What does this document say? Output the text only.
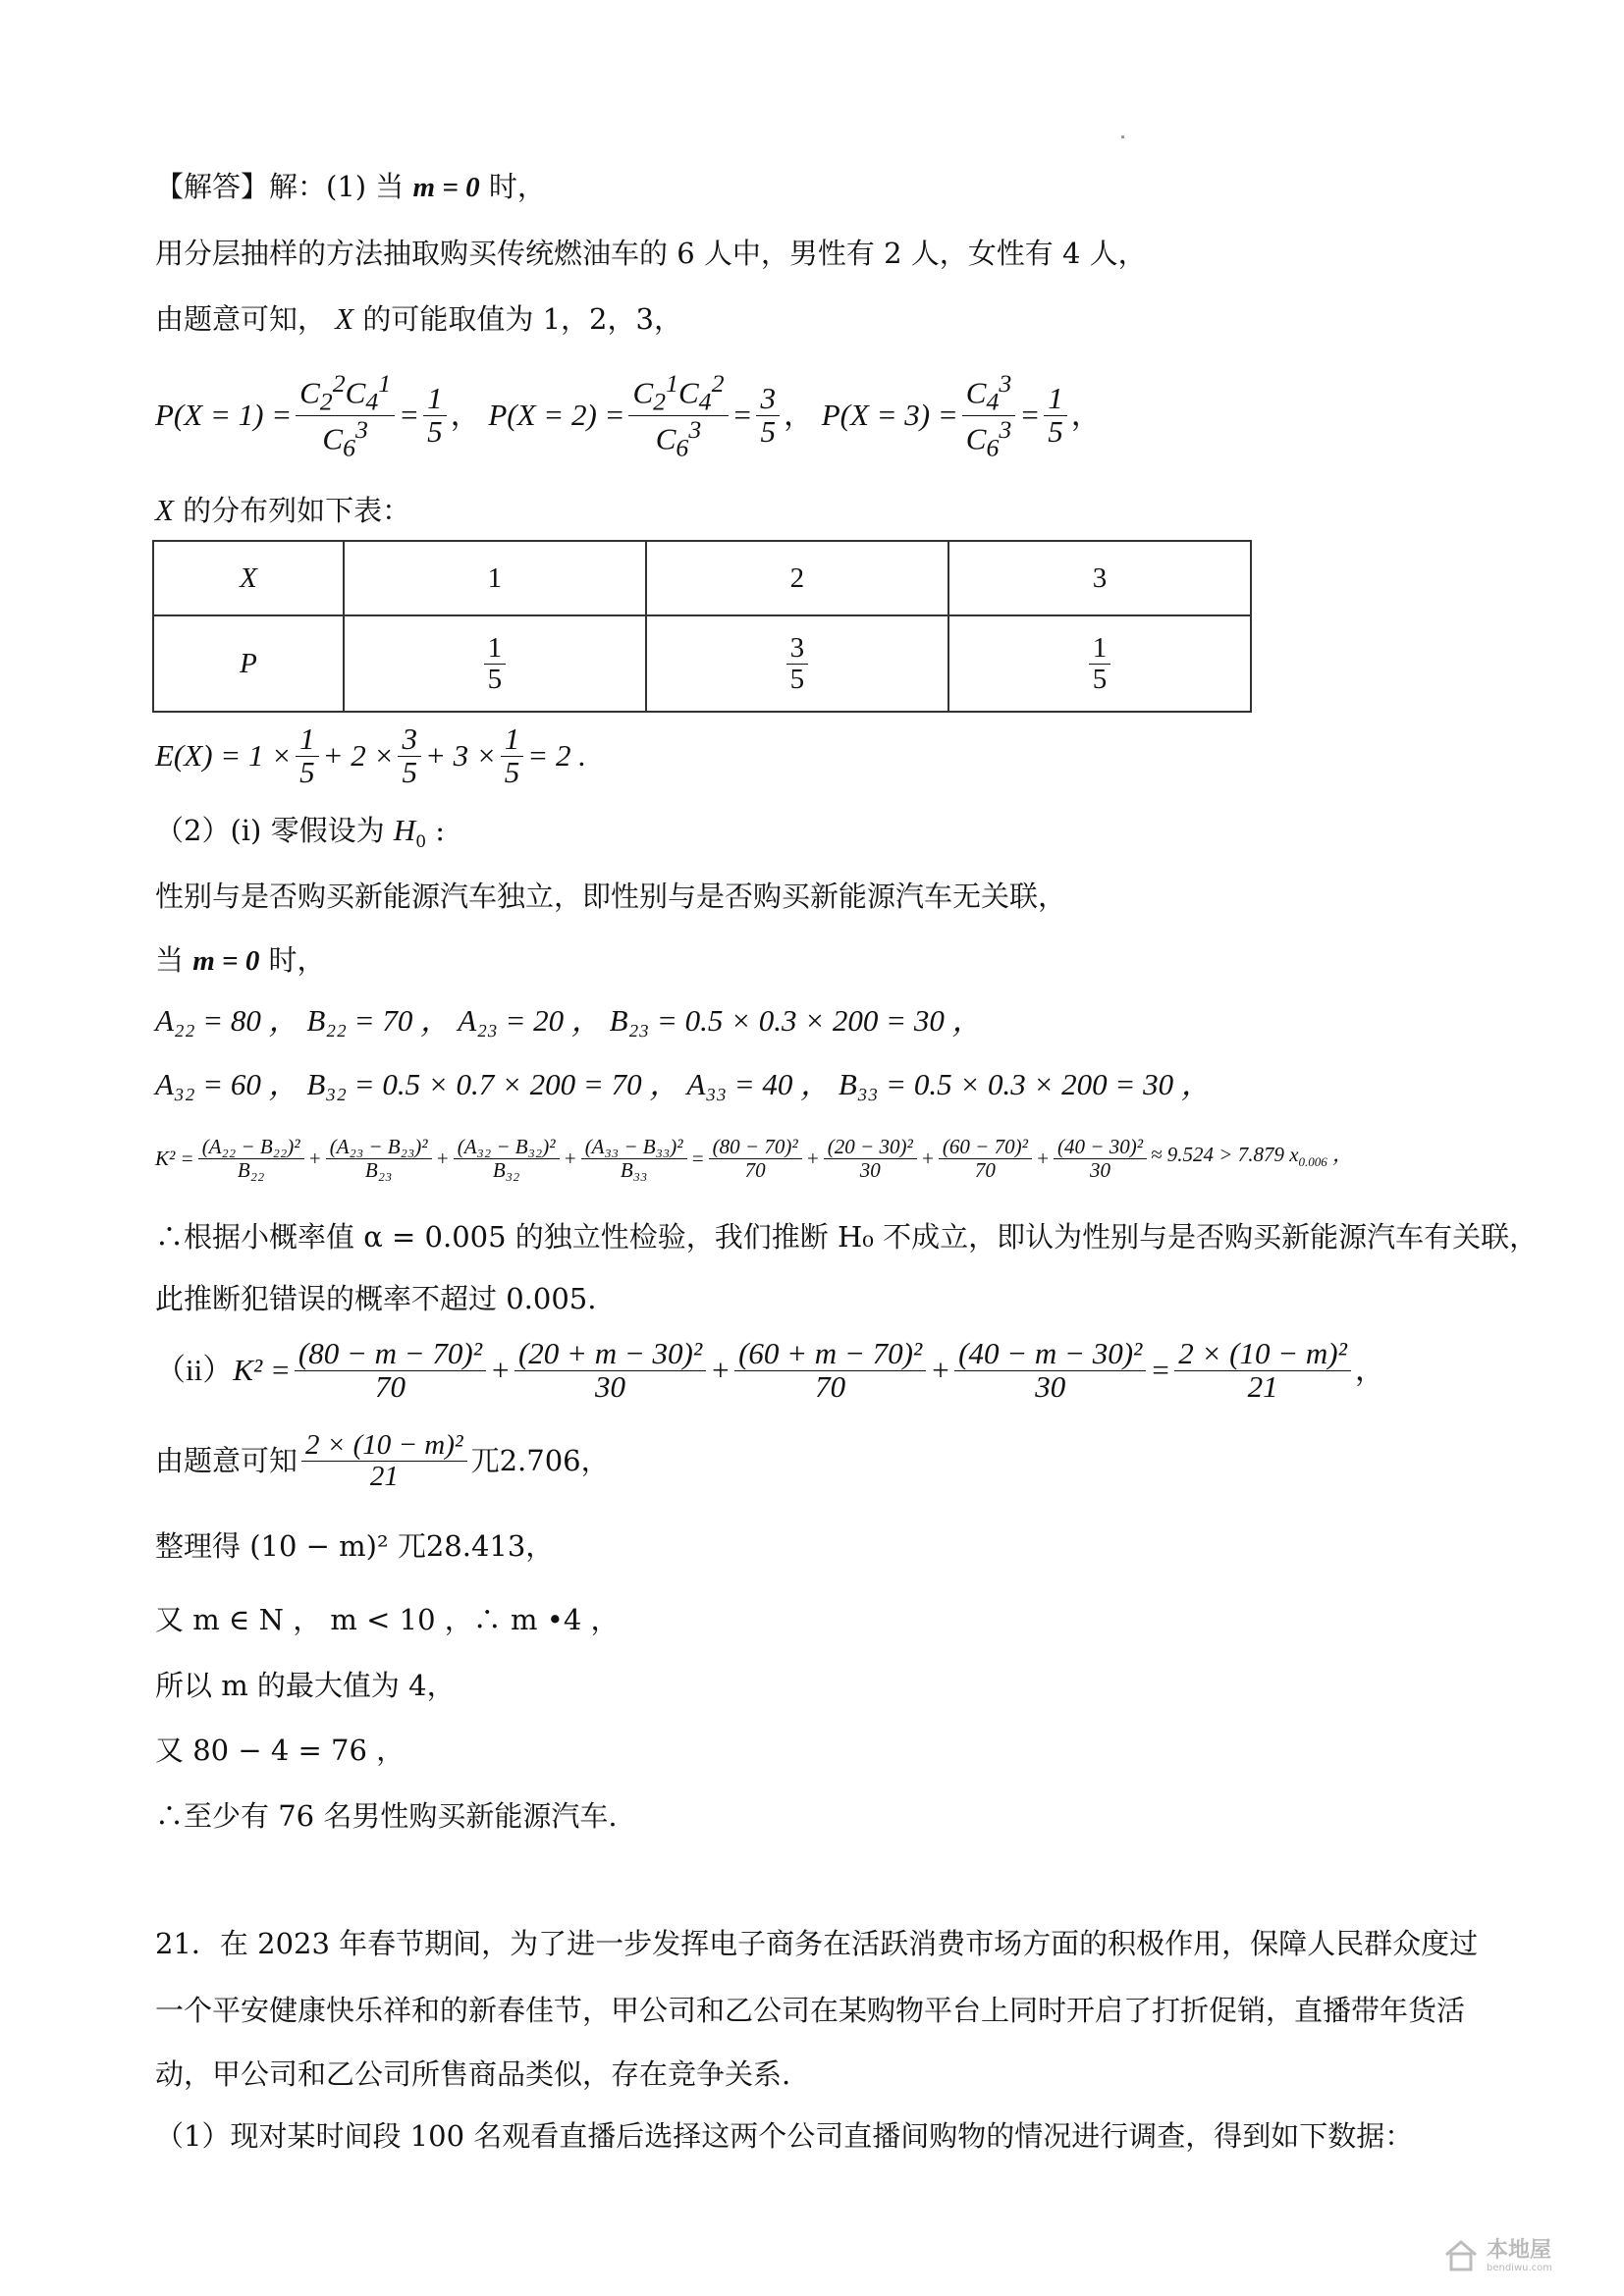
【解答】解：(1) 当 m = 0 时，
用分层抽样的方法抽取购买传统燃油车的 6 人中，男性有 2 人，女性有 4 人，
由题意可知， X 的可能取值为 1，2，3，
$P(X = 1) = \frac{C_2^2C_4^1}{C_6^3} = \frac{1}{5}$ ， $P(X = 2) = \frac{C_2^1C_4^2}{C_6^3} = \frac{3}{5}$ ， $P(X = 3) = \frac{C_4^3}{C_6^3} = \frac{1}{5}$ ，
X 的分布列如下表：
X	1	2	3
P	$\frac{1}{5}$	$\frac{3}{5}$	$\frac{1}{5}$
$E(X) = 1 \times \frac{1}{5} + 2 \times \frac{3}{5} + 3 \times \frac{1}{5} = 2$ .
（2）(i) 零假设为 $H_0$ :
性别与是否购买新能源汽车独立，即性别与是否购买新能源汽车无关联，
当 m = 0 时，
A₂₂ = 80 ， B₂₂ = 70 ， A₂₃ = 20 ， B₂₃ = 0.5 × 0.3 × 200 = 30 ，
A₃₂ = 60 ， B₃₂ = 0.5 × 0.7 × 200 = 70 ， A₃₃ = 40 ， B₃₃ = 0.5 × 0.3 × 200 = 30 ，
$K^2 = \frac{\text{(A₂₂ − B₂₂)²}}{\text{B₂₂}} + \frac{\text{(A₂₃ − B₂₃)²}}{\text{B₂₃}} + \frac{\text{(A₃₂ − B₃₂)²}}{\text{B₃₂}} + \frac{\text{(A₃₃ − B₃₃)²}}{\text{B₃₃}} = \frac{\text{(80 − 70)²}}{70} + \frac{\text{(20 − 30)²}}{30} + \frac{\text{(60 − 70)²}}{70} + \frac{\text{(40 − 30)²}}{30} \approx 9.524 > 7.879$ $x_{0.006}$ ，
∴根据小概率值 α = 0.005 的独立性检验，我们推断 H₀ 不成立，即认为性别与是否购买新能源汽车有关联，
此推断犯错误的概率不超过 0.005.
（ii） $K^2 = \frac{\text{(80 − m − 70)²}}{70} + \frac{\text{(20 + m − 30)²}}{30} + \frac{\text{(60 + m − 70)²}}{70} + \frac{\text{(40 − m − 30)²}}{30} = \frac{\text{2 × (10 − m)²}}{21}$ ，
由题意可知 $\frac{\text{2 × (10 − m)²}}{21}$ ㄫ2.706，
整理得 (10 − m)² ㄫ28.413，
又 m ∈ N ， m < 10 ，∴ m •4 ，
所以 m 的最大值为 4，
又 80 − 4 = 76 ，
∴至少有 76 名男性购买新能源汽车.
21．在 2023 年春节期间，为了进一步发挥电子商务在活跃消费市场方面的积极作用，保障人民群众度过
一个平安健康快乐祥和的新春佳节，甲公司和乙公司在某购物平台上同时开启了打折促销，直播带年货活
动，甲公司和乙公司所售商品类似，存在竞争关系.
（1）现对某时间段 100 名观看直播后选择这两个公司直播间购物的情况进行调查，得到如下数据：
本地屋
bendiwu.com
